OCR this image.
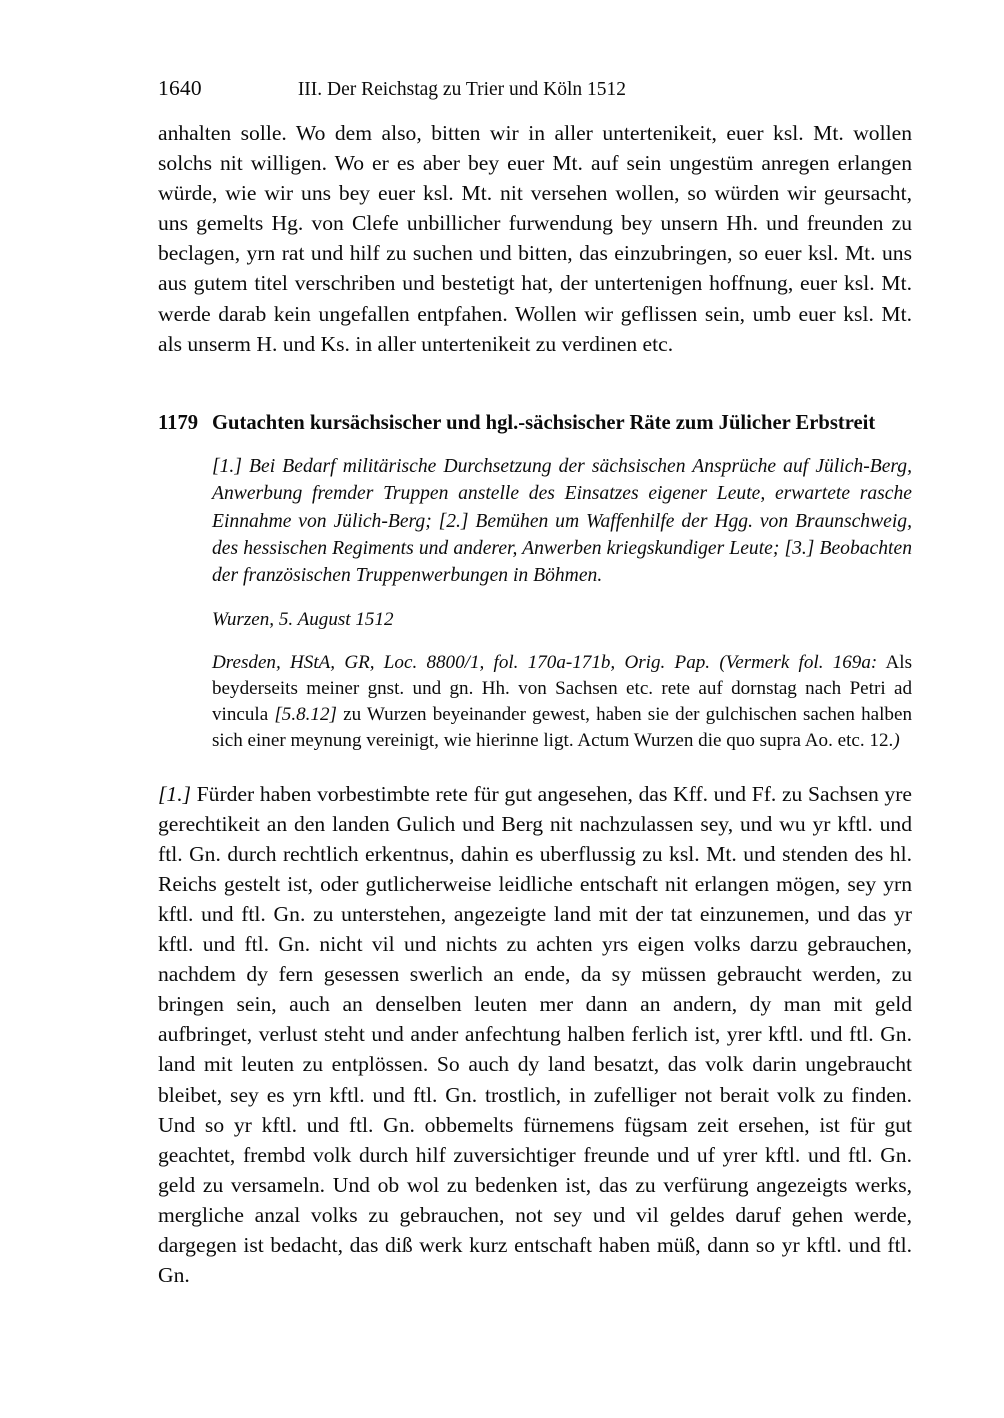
1640	III. Der Reichstag zu Trier und Köln 1512

anhalten solle. Wo dem also, bitten wir in aller untertenikeit, euer ksl. Mt. wollen solchs nit willigen. Wo er es aber bey euer Mt. auf sein ungestüm anregen erlangen würde, wie wir uns bey euer ksl. Mt. nit versehen wollen, so würden wir geursacht, uns gemelts Hg. von Clefe unbillicher furwendung bey unsern Hh. und freunden zu beclagen, yrn rat und hilf zu suchen und bitten, das einzubringen, so euer ksl. Mt. uns aus gutem titel verschriben und bestetigt hat, der untertenigen hoffnung, euer ksl. Mt. werde darab kein ungefallen entpfahen. Wollen wir geflissen sein, umb euer ksl. Mt. als unserm H. und Ks. in aller untertenikeit zu verdinen etc.

1179 Gutachten kursächsischer und hgl.-sächsischer Räte zum Jülicher Erbstreit

[1.] Bei Bedarf militärische Durchsetzung der sächsischen Ansprüche auf Jülich-Berg, Anwerbung fremder Truppen anstelle des Einsatzes eigener Leute, erwartete rasche Einnahme von Jülich-Berg; [2.] Bemühen um Waffenhilfe der Hgg. von Braunschweig, des hessischen Regiments und anderer, Anwerben kriegskundiger Leute; [3.] Beobachten der französischen Truppenwerbungen in Böhmen.

Wurzen, 5. August 1512

Dresden, HStA, GR, Loc. 8800/1, fol. 170a-171b, Orig. Pap. (Vermerk fol. 169a: Als beyderseits meiner gnst. und gn. Hh. von Sachsen etc. rete auf dornstag nach Petri ad vincula [5.8.12] zu Wurzen beyeinander gewest, haben sie der gulchischen sachen halben sich einer meynung vereinigt, wie hierinne ligt. Actum Wurzen die quo supra Ao. etc. 12.)

[1.] Fürder haben vorbestimbte rete für gut angesehen, das Kff. und Ff. zu Sachsen yre gerechtikeit an den landen Gulich und Berg nit nachzulassen sey, und wu yr kftl. und ftl. Gn. durch rechtlich erkentnus, dahin es uberflussig zu ksl. Mt. und stenden des hl. Reichs gestelt ist, oder gutlicherweise leidliche entschaft nit erlangen mögen, sey yrn kftl. und ftl. Gn. zu unterstehen, angezeigte land mit der tat einzunemen, und das yr kftl. und ftl. Gn. nicht vil und nichts zu achten yrs eigen volks darzu gebrauchen, nachdem dy fern gesessen swerlich an ende, da sy müssen gebraucht werden, zu bringen sein, auch an denselben leuten mer dann an andern, dy man mit geld aufbringet, verlust steht und ander anfechtung halben ferlich ist, yrer kftl. und ftl. Gn. land mit leuten zu entplössen. So auch dy land besatzt, das volk darin ungebraucht bleibet, sey es yrn kftl. und ftl. Gn. trostlich, in zufelliger not berait volk zu finden. Und so yr kftl. und ftl. Gn. obbemelts fürnemens fügsam zeit ersehen, ist für gut geachtet, frembd volk durch hilf zuversichtiger freunde und uf yrer kftl. und ftl. Gn. geld zu versameln. Und ob wol zu bedenken ist, das zu verfürung angezeigts werks, mergliche anzal volks zu gebrauchen, not sey und vil geldes daruf gehen werde, dargegen ist bedacht, das diß werk kurz entschaft haben müß, dann so yr kftl. und ftl. Gn.
